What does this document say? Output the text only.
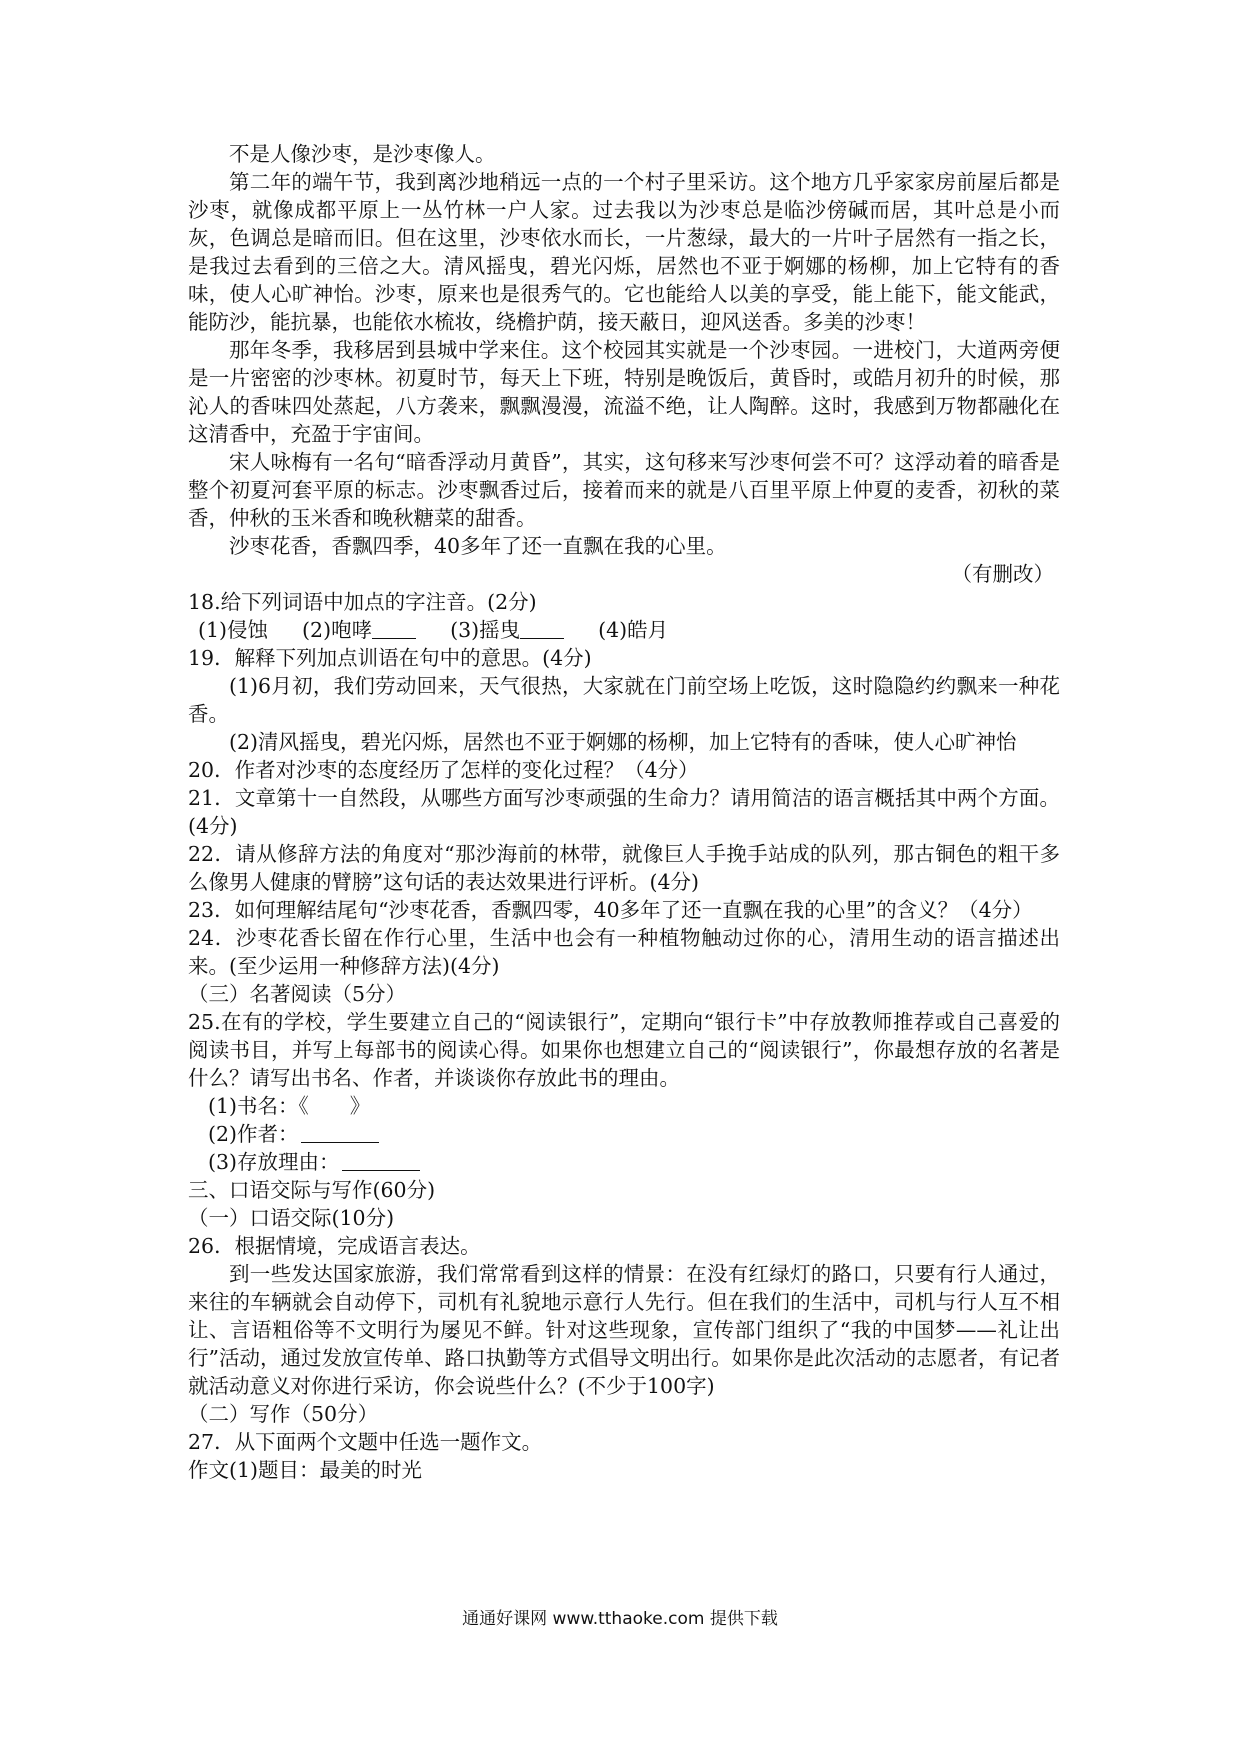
不是人像沙枣，是沙枣像人。

第二年的端午节，我到离沙地稍远一点的一个村子里采访。这个地方几乎家家房前屋后都是沙枣，就像成都平原上一丛竹林一户人家。过去我以为沙枣总是临沙傍碱而居，其叶总是小而灰，色调总是暗而旧。但在这里，沙枣依水而长，一片葱绿，最大的一片叶子居然有一指之长，是我过去看到的三倍之大。清风摇曳，碧光闪烁，居然也不亚于婀娜的杨柳，加上它特有的香味，使人心旷神怡。沙枣，原来也是很秀气的。它也能给人以美的享受，能上能下，能文能武，能防沙，能抗暴，也能依水梳妆，绕檐护荫，接天蔽日，迎风送香。多美的沙枣！

那年冬季，我移居到县城中学来住。这个校园其实就是一个沙枣园。一进校门，大道两旁便是一片密密的沙枣林。初夏时节，每天上下班，特别是晚饭后，黄昏时，或皓月初升的时候，那沁人的香味四处蒸起，八方袭来，飘飘漫漫，流溢不绝，让人陶醉。这时，我感到万物都融化在这清香中，充盈于宇宙间。

宋人咏梅有一名句“暗香浮动月黄昏”，其实，这句移来写沙枣何尝不可？这浮动着的暗香是整个初夏河套平原的标志。沙枣飘香过后，接着而来的就是八百里平原上仲夏的麦香，初秋的菜香，仲秋的玉米香和晚秋糖菜的甜香。

沙枣花香，香飘四季，40多年了还一直飘在我的心里。

（有删改）

18.给下列词语中加点的字注音。(2分)

(1)侵蚀 (2)咆哮	(3)摇曳	(4)皓月

19．解释下列加点训语在句中的意思。(4分)

(1)6月初，我们劳动回来，天气很热，大家就在门前空场上吃饭，这时隐隐约约飘来一种花香。

(2)清风摇曳，碧光闪烁，居然也不亚于婀娜的杨柳，加上它特有的香味，使人心旷神怡

20．作者对沙枣的态度经历了怎样的变化过程？（4分）

21．文章第十一自然段，从哪些方面写沙枣顽强的生命力？请用简洁的语言概括其中两个方面。(4分)

22．请从修辞方法的角度对“那沙海前的林带，就像巨人手挽手站成的队列，那古铜色的粗干多么像男人健康的臂膀”这句话的表达效果进行评析。(4分)

23．如何理解结尾句“沙枣花香，香飘四零，40多年了还一直飘在我的心里”的含义？（4分）

24．沙枣花香长留在作行心里，生活中也会有一种植物触动过你的心，清用生动的语言描述出来。(至少运用一种修辞方法)(4分)

（三）名著阅读（5分）

25.在有的学校，学生要建立自己的“阅读银行”，定期向“银行卡”中存放教师推荐或自己喜爱的阅读书目，并写上每部书的阅读心得。如果你也想建立自己的“阅读银行”，你最想存放的名著是什么？请写出书名、作者，并谈谈你存放此书的理由。

(1)书名：《　　》

(2)作者：

(3)存放理由：

三、口语交际与写作(60分)

（一）口语交际(10分)

26．根据情境，完成语言表达。

到一些发达国家旅游，我们常常看到这样的情景：在没有红绿灯的路口，只要有行人通过，来往的车辆就会自动停下，司机有礼貌地示意行人先行。但在我们的生活中，司机与行人互不相让、言语粗俗等不文明行为屡见不鲜。针对这些现象，宣传部门组织了“我的中国梦——礼让出行”活动，通过发放宣传单、路口执勤等方式倡导文明出行。如果你是此次活动的志愿者，有记者就活动意义对你进行采访，你会说些什么？(不少于100字)

（二）写作（50分）

27．从下面两个文题中任选一题作文。

作文(1)题目：最美的时光

通通好课网 www.tthaoke.com 提供下载
